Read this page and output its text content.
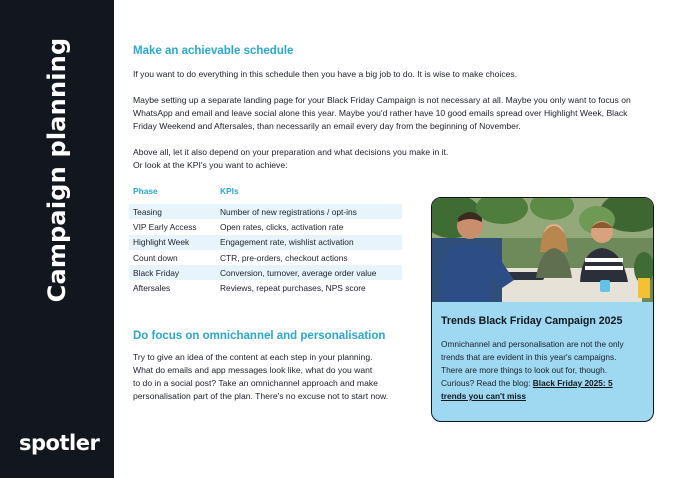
Campaign planning
spotler
Make an achievable schedule
If you want to do everything in this schedule then you have a big job to do. It is wise to make choices.
Maybe setting up a separate landing page for your Black Friday Campaign is not necessary at all. Maybe you only want to focus on
WhatsApp and email and leave social alone this year. Maybe you'd rather have 10 good emails spread over Highlight Week, Black
Friday Weekend and Aftersales, than necessarily an email every day from the beginning of November.
Above all, let it also depend on your preparation and what decisions you make in it.
Or look at the KPI's you want to achieve:
Phase	KPIs
Teasing	Number of new registrations / opt-ins
VIP Early Access	Open rates, clicks, activation rate
Highlight Week	Engagement rate, wishlist activation
Count down	CTR, pre-orders, checkout actions
Black Friday	Conversion, turnover, average order value
Aftersales	Reviews, repeat purchases, NPS score
Do focus on omnichannel and personalisation
Try to give an idea of the content at each step in your planning.
What do emails and app messages look like, what do you want
to do in a social post? Take an omnichannel approach and make
personalisation part of the plan. There's no excuse not to start now.
Trends Black Friday Campaign 2025
Omnichannel and personalisation are not the only
trends that are evident in this year's campaigns.
There are more things to look out for, though.
Curious? Read the blog: Black Friday 2025: 5
trends you can't miss
